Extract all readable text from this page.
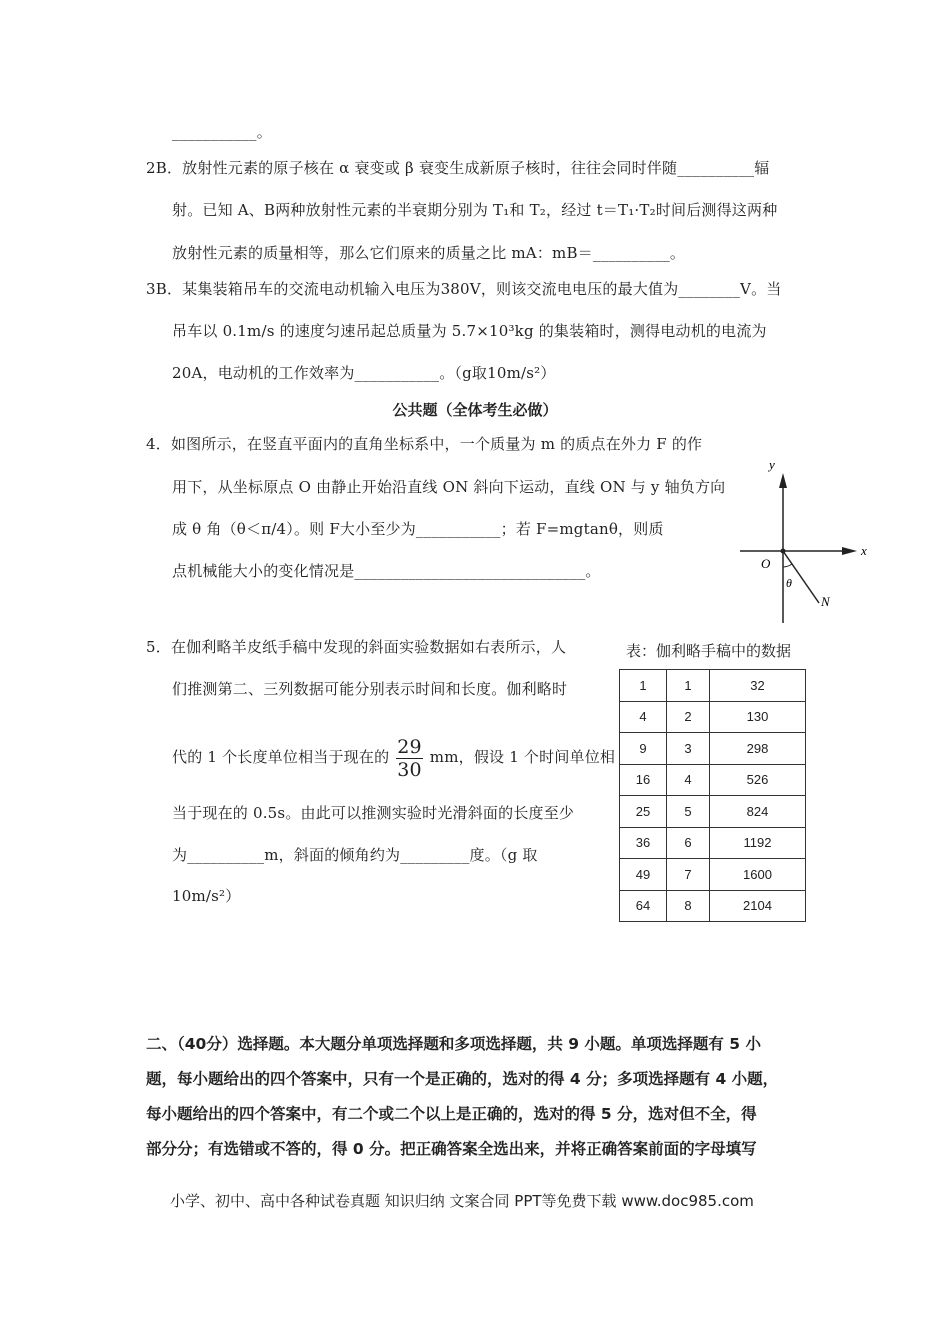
___________。
2B．放射性元素的原子核在 α 衰变或 β 衰变生成新原子核时，往往会同时伴随__________辐
射。已知 A、B两种放射性元素的半衰期分别为 T₁和 T₂，经过 t＝T₁·T₂时间后测得这两种
放射性元素的质量相等，那么它们原来的质量之比 mA：mB＝__________。
3B．某集装箱吊车的交流电动机输入电压为380V，则该交流电电压的最大值为________V。当
吊车以 0.1m/s 的速度匀速吊起总质量为 5.7×10³kg 的集装箱时，测得电动机的电流为
20A，电动机的工作效率为___________。（g取10m/s²）
公共题（全体考生必做）
4．如图所示，在竖直平面内的直角坐标系中，一个质量为 m 的质点在外力 F 的作
用下，从坐标原点 O 由静止开始沿直线 ON 斜向下运动，直线 ON 与 y 轴负方向
成 θ 角（θ＜π/4）。则 F大小至少为___________；若 F=mgtanθ，则质
点机械能大小的变化情况是______________________________。
y
x
O
θ
N
5．在伽利略羊皮纸手稿中发现的斜面实验数据如右表所示，人
们推测第二、三列数据可能分别表示时间和长度。伽利略时
代的 1 个长度单位相当于现在的 $\frac{29}{30}$ mm，假设 1 个时间单位相
当于现在的 0.5s。由此可以推测实验时光滑斜面的长度至少
为__________m，斜面的倾角约为_________度。（g 取
10m/s²）
表：伽利略手稿中的数据
1	1	32
4	2	130
9	3	298
16	4	526
25	5	824
36	6	1192
49	7	1600
64	8	2104
二、（40分）选择题。本大题分单项选择题和多项选择题，共 9 小题。单项选择题有 5 小
题，每小题给出的四个答案中，只有一个是正确的，选对的得 4 分；多项选择题有 4 小题，
每小题给出的四个答案中，有二个或二个以上是正确的，选对的得 5 分，选对但不全，得
部分分；有选错或不答的，得 0 分。把正确答案全选出来，并将正确答案前面的字母填写
小学、初中、高中各种试卷真题 知识归纳 文案合同 PPT等免费下载 www.doc985.com
